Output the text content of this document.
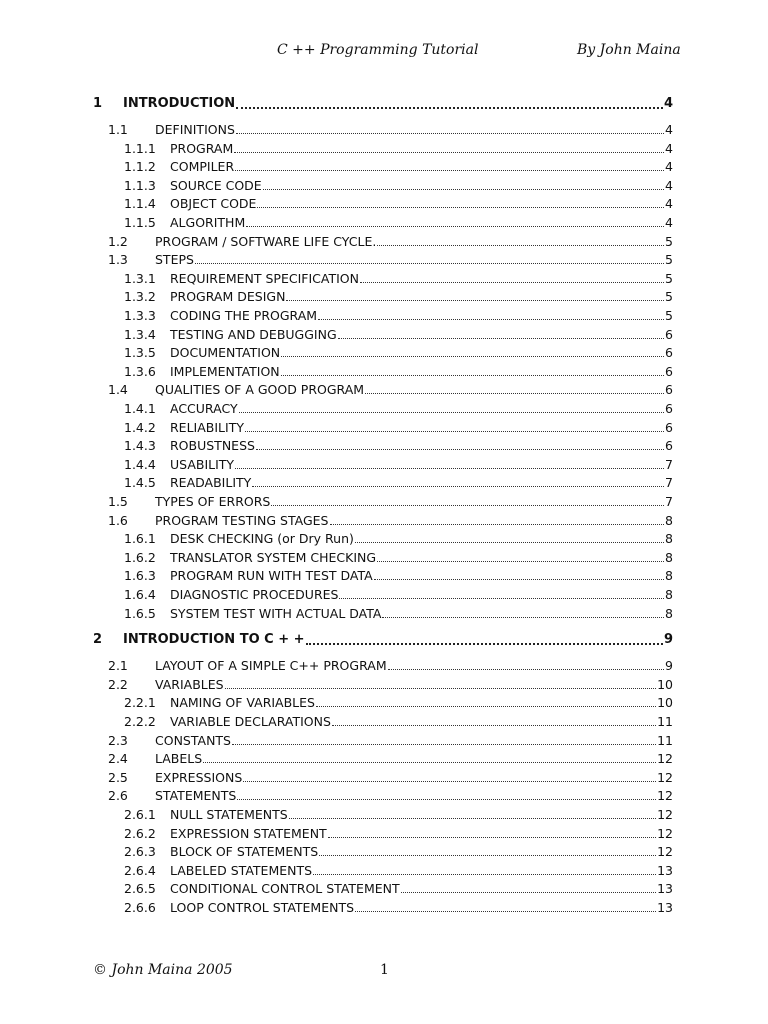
C ++ Programming Tutorial	By John Maina
1	INTRODUCTION	4
1.1	DEFINITIONS	4
1.1.1	PROGRAM	4
1.1.2	COMPILER	4
1.1.3	SOURCE CODE	4
1.1.4	OBJECT CODE	4
1.1.5	ALGORITHM	4
1.2	PROGRAM / SOFTWARE LIFE CYCLE.	5
1.3	STEPS	5
1.3.1	REQUIREMENT SPECIFICATION	5
1.3.2	PROGRAM DESIGN	5
1.3.3	CODING THE PROGRAM	5
1.3.4	TESTING AND DEBUGGING	6
1.3.5	DOCUMENTATION	6
1.3.6	IMPLEMENTATION	6
1.4	QUALITIES OF A GOOD PROGRAM	6
1.4.1	ACCURACY	6
1.4.2	RELIABILITY	6
1.4.3	ROBUSTNESS	6
1.4.4	USABILITY	7
1.4.5	READABILITY	7
1.5	TYPES OF ERRORS	7
1.6	PROGRAM TESTING STAGES	8
1.6.1	DESK CHECKING (or Dry Run)	8
1.6.2	TRANSLATOR SYSTEM CHECKING	8
1.6.3	PROGRAM RUN WITH TEST DATA	8
1.6.4	DIAGNOSTIC PROCEDURES	8
1.6.5	SYSTEM TEST WITH ACTUAL DATA	8
2	INTRODUCTION TO C + +	9
2.1	LAYOUT OF A SIMPLE C++ PROGRAM	9
2.2	VARIABLES	10
2.2.1	NAMING OF VARIABLES	10
2.2.2	VARIABLE DECLARATIONS	11
2.3	CONSTANTS	11
2.4	LABELS	12
2.5	EXPRESSIONS	12
2.6	STATEMENTS	12
2.6.1	NULL STATEMENTS	12
2.6.2	EXPRESSION STATEMENT	12
2.6.3	BLOCK OF STATEMENTS	12
2.6.4	LABELED STATEMENTS	13
2.6.5	CONDITIONAL CONTROL STATEMENT	13
2.6.6	LOOP CONTROL STATEMENTS	13
© John Maina 2005	1
